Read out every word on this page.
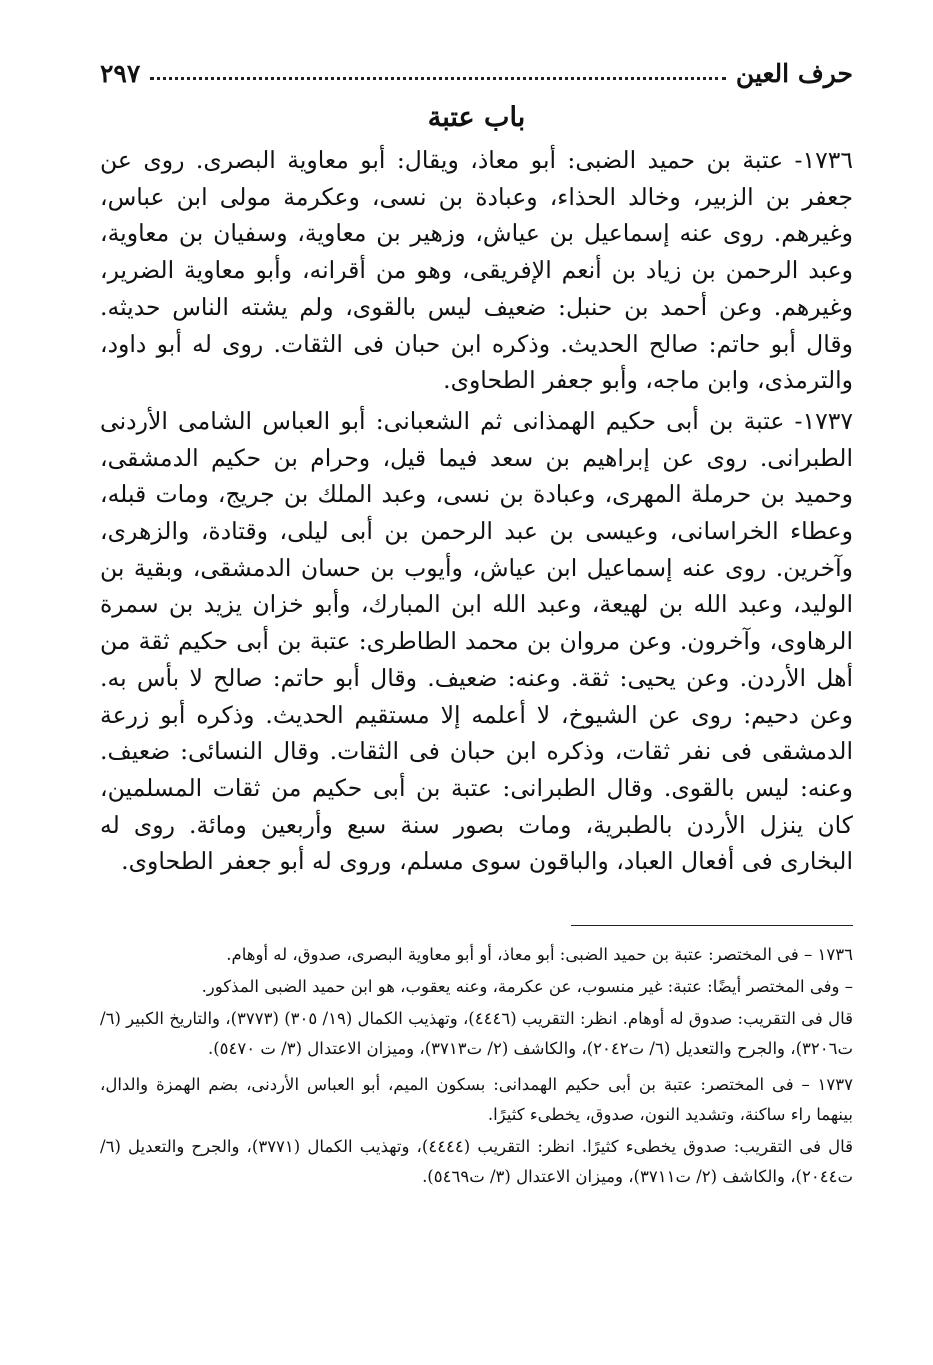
حرف العين
٢٩٧
باب عتبة

١٧٣٦- عتبة بن حميد الضبى: أبو معاذ، ويقال: أبو معاوية البصرى. روى عن جعفر بن الزبير، وخالد الحذاء، وعبادة بن نسى، وعكرمة مولى ابن عباس، وغيرهم. روى عنه إسماعيل بن عياش، وزهير بن معاوية، وسفيان بن معاوية، وعبد الرحمن بن زياد بن أنعم الإفريقى، وهو من أقرانه، وأبو معاوية الضرير، وغيرهم. وعن أحمد بن حنبل: ضعيف ليس بالقوى، ولم يشته الناس حديثه. وقال أبو حاتم: صالح الحديث. وذكره ابن حبان فى الثقات. روى له أبو داود، والترمذى، وابن ماجه، وأبو جعفر الطحاوى.

١٧٣٧- عتبة بن أبى حكيم الهمذانى ثم الشعبانى: أبو العباس الشامى الأردنى الطبرانى. روى عن إبراهيم بن سعد فيما قيل، وحرام بن حكيم الدمشقى، وحميد بن حرملة المهرى، وعبادة بن نسى، وعبد الملك بن جريج، ومات قبله، وعطاء الخراسانى، وعيسى بن عبد الرحمن بن أبى ليلى، وقتادة، والزهرى، وآخرين. روى عنه إسماعيل ابن عياش، وأيوب بن حسان الدمشقى، وبقية بن الوليد، وعبد الله بن لهيعة، وعبد الله ابن المبارك، وأبو خزان يزيد بن سمرة الرهاوى، وآخرون. وعن مروان بن محمد الطاطرى: عتبة بن أبى حكيم ثقة من أهل الأردن. وعن يحيى: ثقة. وعنه: ضعيف. وقال أبو حاتم: صالح لا بأس به. وعن دحيم: روى عن الشيوخ، لا أعلمه إلا مستقيم الحديث. وذكره أبو زرعة الدمشقى فى نفر ثقات، وذكره ابن حبان فى الثقات. وقال النسائى: ضعيف. وعنه: ليس بالقوى. وقال الطبرانى: عتبة بن أبى حكيم من ثقات المسلمين، كان ينزل الأردن بالطبرية، ومات بصور سنة سبع وأربعين ومائة. روى له البخارى فى أفعال العباد، والباقون سوى مسلم، وروى له أبو جعفر الطحاوى.

١٧٣٦ – فى المختصر: عتبة بن حميد الضبى: أبو معاذ، أو أبو معاوية البصرى، صدوق، له أوهام.

– وفى المختصر أيضًا: عتبة: غير منسوب، عن عكرمة، وعنه يعقوب، هو ابن حميد الضبى المذكور.

قال فى التقريب: صدوق له أوهام. انظر: التقريب (٤٤٤٦)، وتهذيب الكمال (١٩/ ٣٠٥) (٣٧٧٣)، والتاريخ الكبير (٦/ ت٣٢٠٦)، والجرح والتعديل (٦/ ت٢٠٤٢)، والكاشف (٢/ ت٣٧١٣)، وميزان الاعتدال (٣/ ت ٥٤٧٠).

١٧٣٧ – فى المختصر: عتبة بن أبى حكيم الهمدانى: بسكون الميم، أبو العباس الأردنى، بضم الهمزة والدال، بينهما راء ساكنة، وتشديد النون، صدوق، يخطىء كثيرًا.

قال فى التقريب: صدوق يخطىء كثيرًا. انظر: التقريب (٤٤٤٤)، وتهذيب الكمال (٣٧٧١)، والجرح والتعديل (٦/ ت٢٠٤٤)، والكاشف (٢/ ت٣٧١١)، وميزان الاعتدال (٣/ ت٥٤٦٩).
